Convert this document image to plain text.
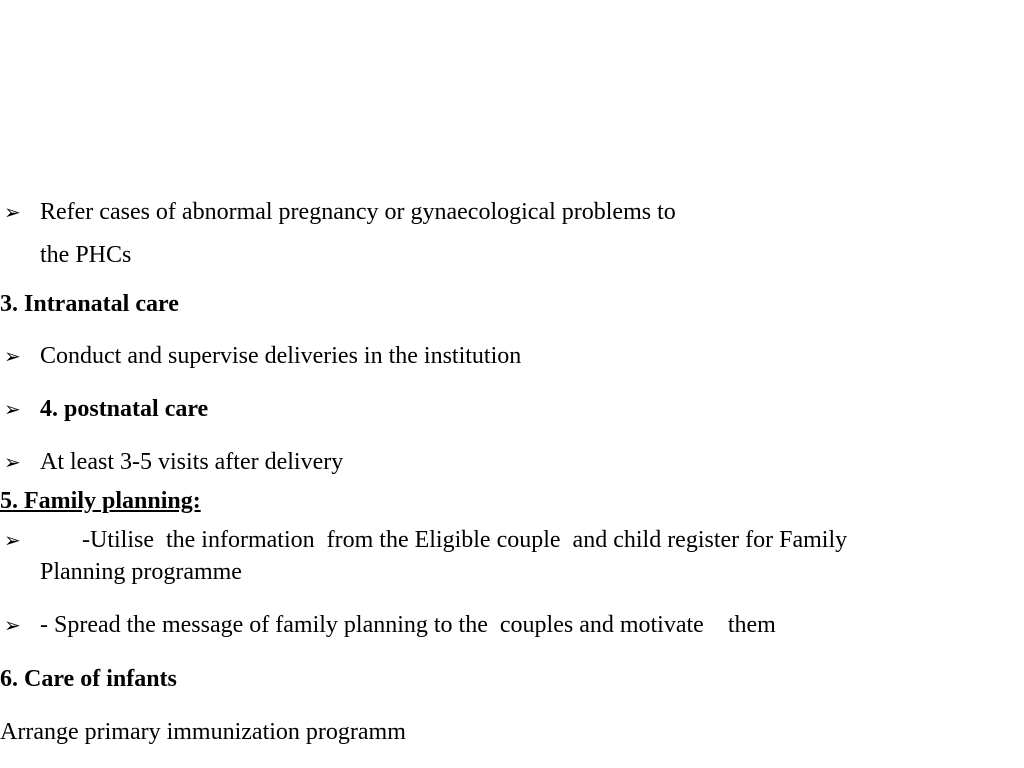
➢ Refer cases of abnormal pregnancy or gynaecological problems to
the PHCs
3. Intranatal care
➢ Conduct and supervise deliveries in the institution
➢ 4. postnatal care
➢ At least 3-5 visits after delivery
5. Family planning:
➢ -Utilise  the information  from the Eligible couple  and child register for Family
Planning programme
➢ - Spread the message of family planning to the  couples and motivate    them
6. Care of infants
Arrange primary immunization programm
